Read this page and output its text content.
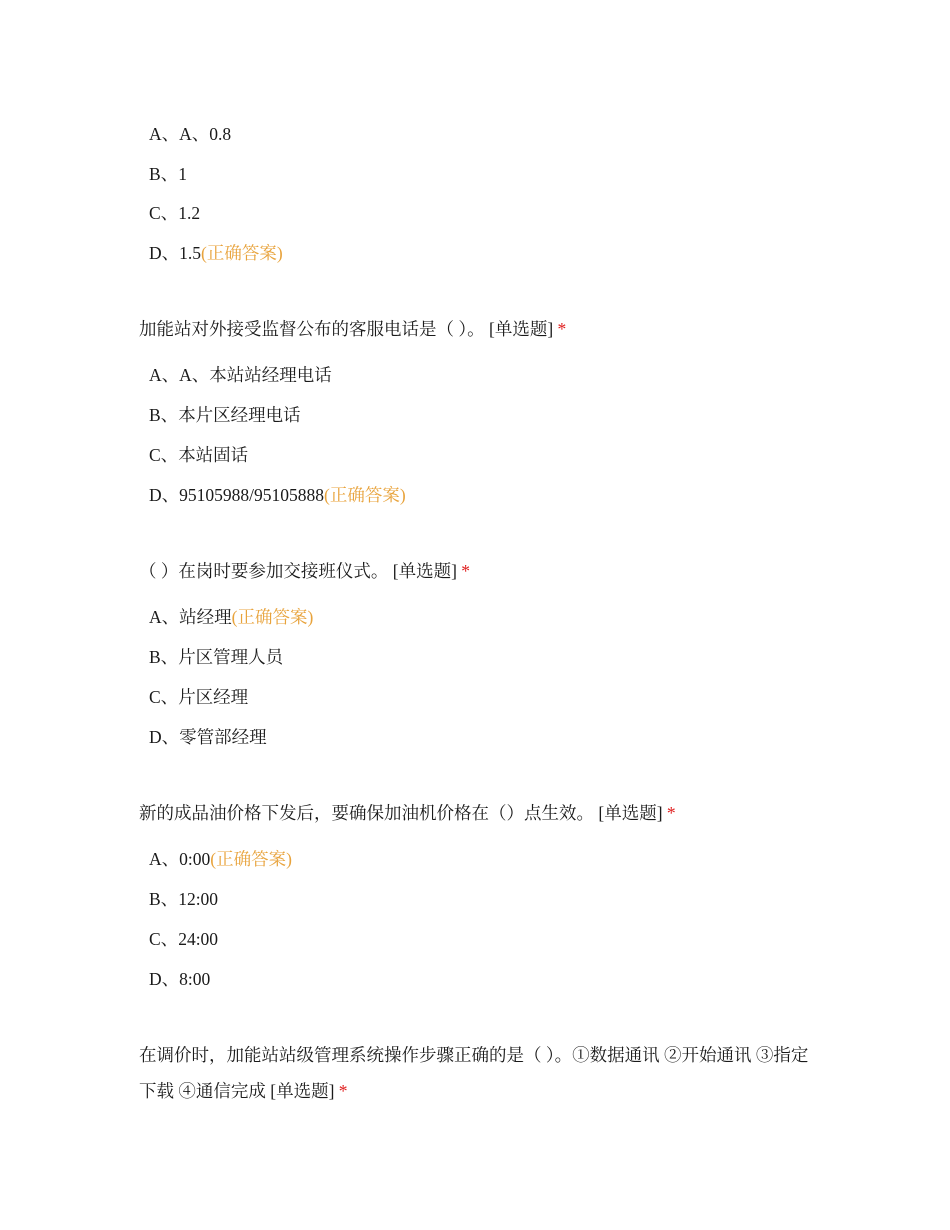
A、A、0.8
B、1
C、1.2
D、1.5(正确答案)
加能站对外接受监督公布的客服电话是（ ）。 [单选题] *
A、A、本站站经理电话
B、本片区经理电话
C、本站固话
D、95105988/95105888(正确答案)
（ ）在岗时要参加交接班仪式。 [单选题] *
A、站经理(正确答案)
B、片区管理人员
C、片区经理
D、零管部经理
新的成品油价格下发后，要确保加油机价格在（）点生效。 [单选题] *
A、0:00(正确答案)
B、12:00
C、24:00
D、8:00
在调价时，加能站站级管理系统操作步骤正确的是（ ）。①数据通讯 ②开始通讯 ③指定下载 ④通信完成 [单选题] *
